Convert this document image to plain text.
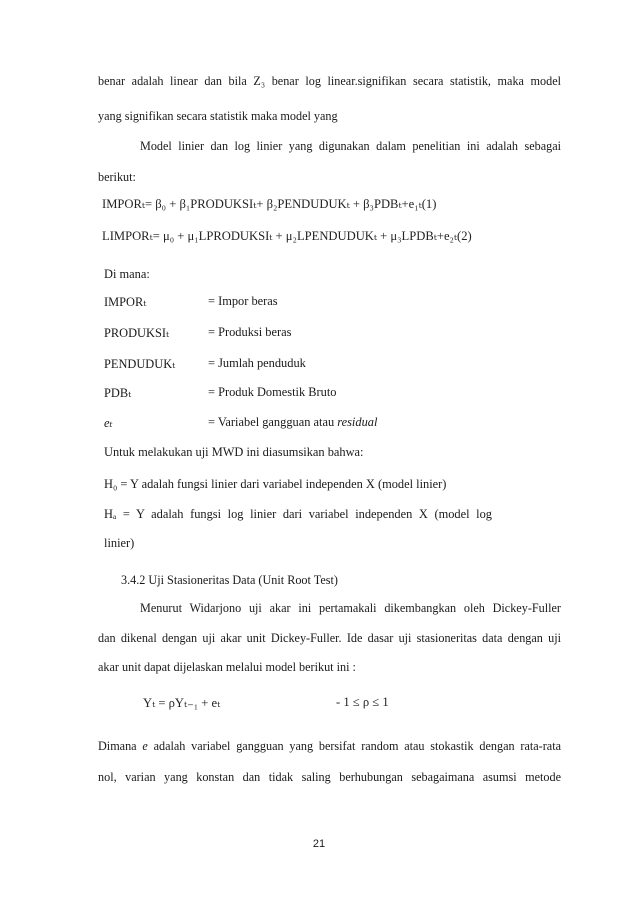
benar adalah linear dan bila Z₃ benar log linear.signifikan secara statistik, maka model
yang signifikan secara statistik maka model yang
Model linier dan log linier yang digunakan dalam penelitian ini adalah sebagai
berikut:
IMPORₜ= β₀ + β₁PRODUKSIₜ+ β₂PENDUDUKₜ + β₃PDBₜ+e₁ₜ(1)
LIMPORₜ= μ₀ + μ₁LPRODUKSIₜ + μ₂LPENDUDUKₜ + μ₃LPDBₜ+e₂ₜ(2)
Di mana:
IMPORₜ	= Impor beras
PRODUKSIₜ	= Produksi beras
PENDUDUKₜ	= Jumlah penduduk
PDBₜ	= Produk Domestik Bruto
eₜ	= Variabel gangguan atau residual
Untuk melakukan uji MWD ini diasumsikan bahwa:
H₀ = Y adalah fungsi linier dari variabel independen X (model linier)
Hₐ = Y adalah fungsi log linier dari variabel independen X (model log
linier)
3.4.2 Uji Stasioneritas Data (Unit Root Test)
Menurut Widarjono uji akar ini pertamakali dikembangkan oleh Dickey-Fuller
dan dikenal dengan uji akar unit Dickey-Fuller. Ide dasar uji stasioneritas data dengan uji
akar unit dapat dijelaskan melalui model berikut ini :
Yₜ = ρYₜ₋₁ + eₜ	- 1 ≤ ρ ≤ 1
Dimana e adalah variabel gangguan yang bersifat random atau stokastik dengan rata-rata
nol, varian yang konstan dan tidak saling berhubungan sebagaimana asumsi metode
21
